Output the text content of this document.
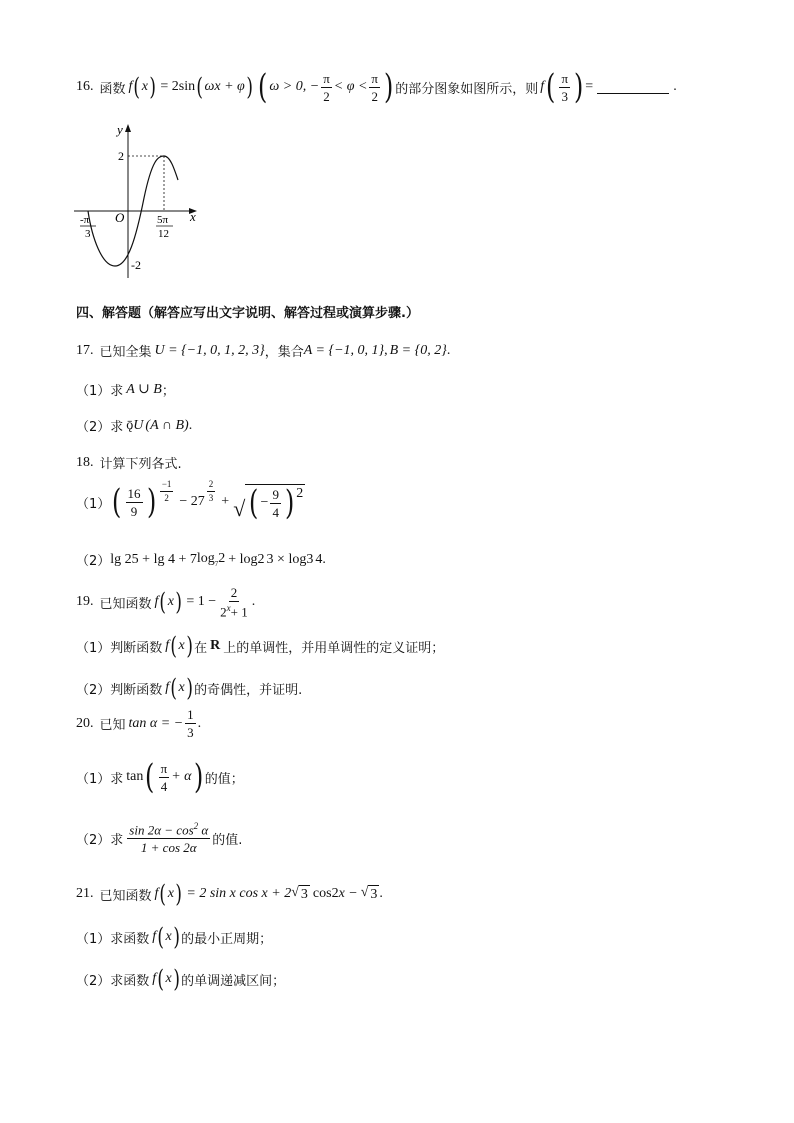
16. 函数 f ( x ) = 2sin ( ωx + φ ) ( ω > 0, − $\frac{\pi}{2} < \varphi < \frac{\pi}{2}$ ) 的部分图象如图所示，则 f ( $\frac{\pi}{3}$ ) =	.
y
x
O
2
-2
-π
3
5π
12
四、解答题（解答应写出文字说明、解答过程或演算步骤.）
17. 已知全集 U = {−1, 0, 1, 2, 3} ，集合 A = {−1, 0, 1} , B = {0, 2} .
（1）求 A ∪ B ；
（2）求 ǭ U (A ∩ B) .
18. 计算下列各式.
（1） ( $\frac{16}{9}$ ) $\frac{-1}{2} - 27 \frac{2}{3}$ + √ ( − $\frac{9}{4}$ ) 2
（2） lg 25 + lg 4 + 7 $\log_72 + \log 2$ 3 × log 3 4 .
19. 已知函数 f ( x ) = $1 - \frac{2}{2^x+ 1}$ .
（1）判断函数 f ( x ) 在 R 上的单调性，并用单调性的定义证明；
（2）判断函数 f ( x ) 的奇偶性，并证明.
20. 已知 tan α = − $\frac{1}{3}$ .
（1）求 tan ( $\frac{\pi}{4} + \alpha$ ) 的值；
（2）求 $\frac{\sin 2\alpha - \cos^2 \alpha}{1 + \cos 2\alpha}$ 的值.
21. 已知函数 f ( x ) = 2 sin x cos x + 2 √ 3 cos 2 x − √ 3 .
（1）求函数 f ( x ) 的最小正周期；
（2）求函数 f ( x ) 的单调递减区间；
